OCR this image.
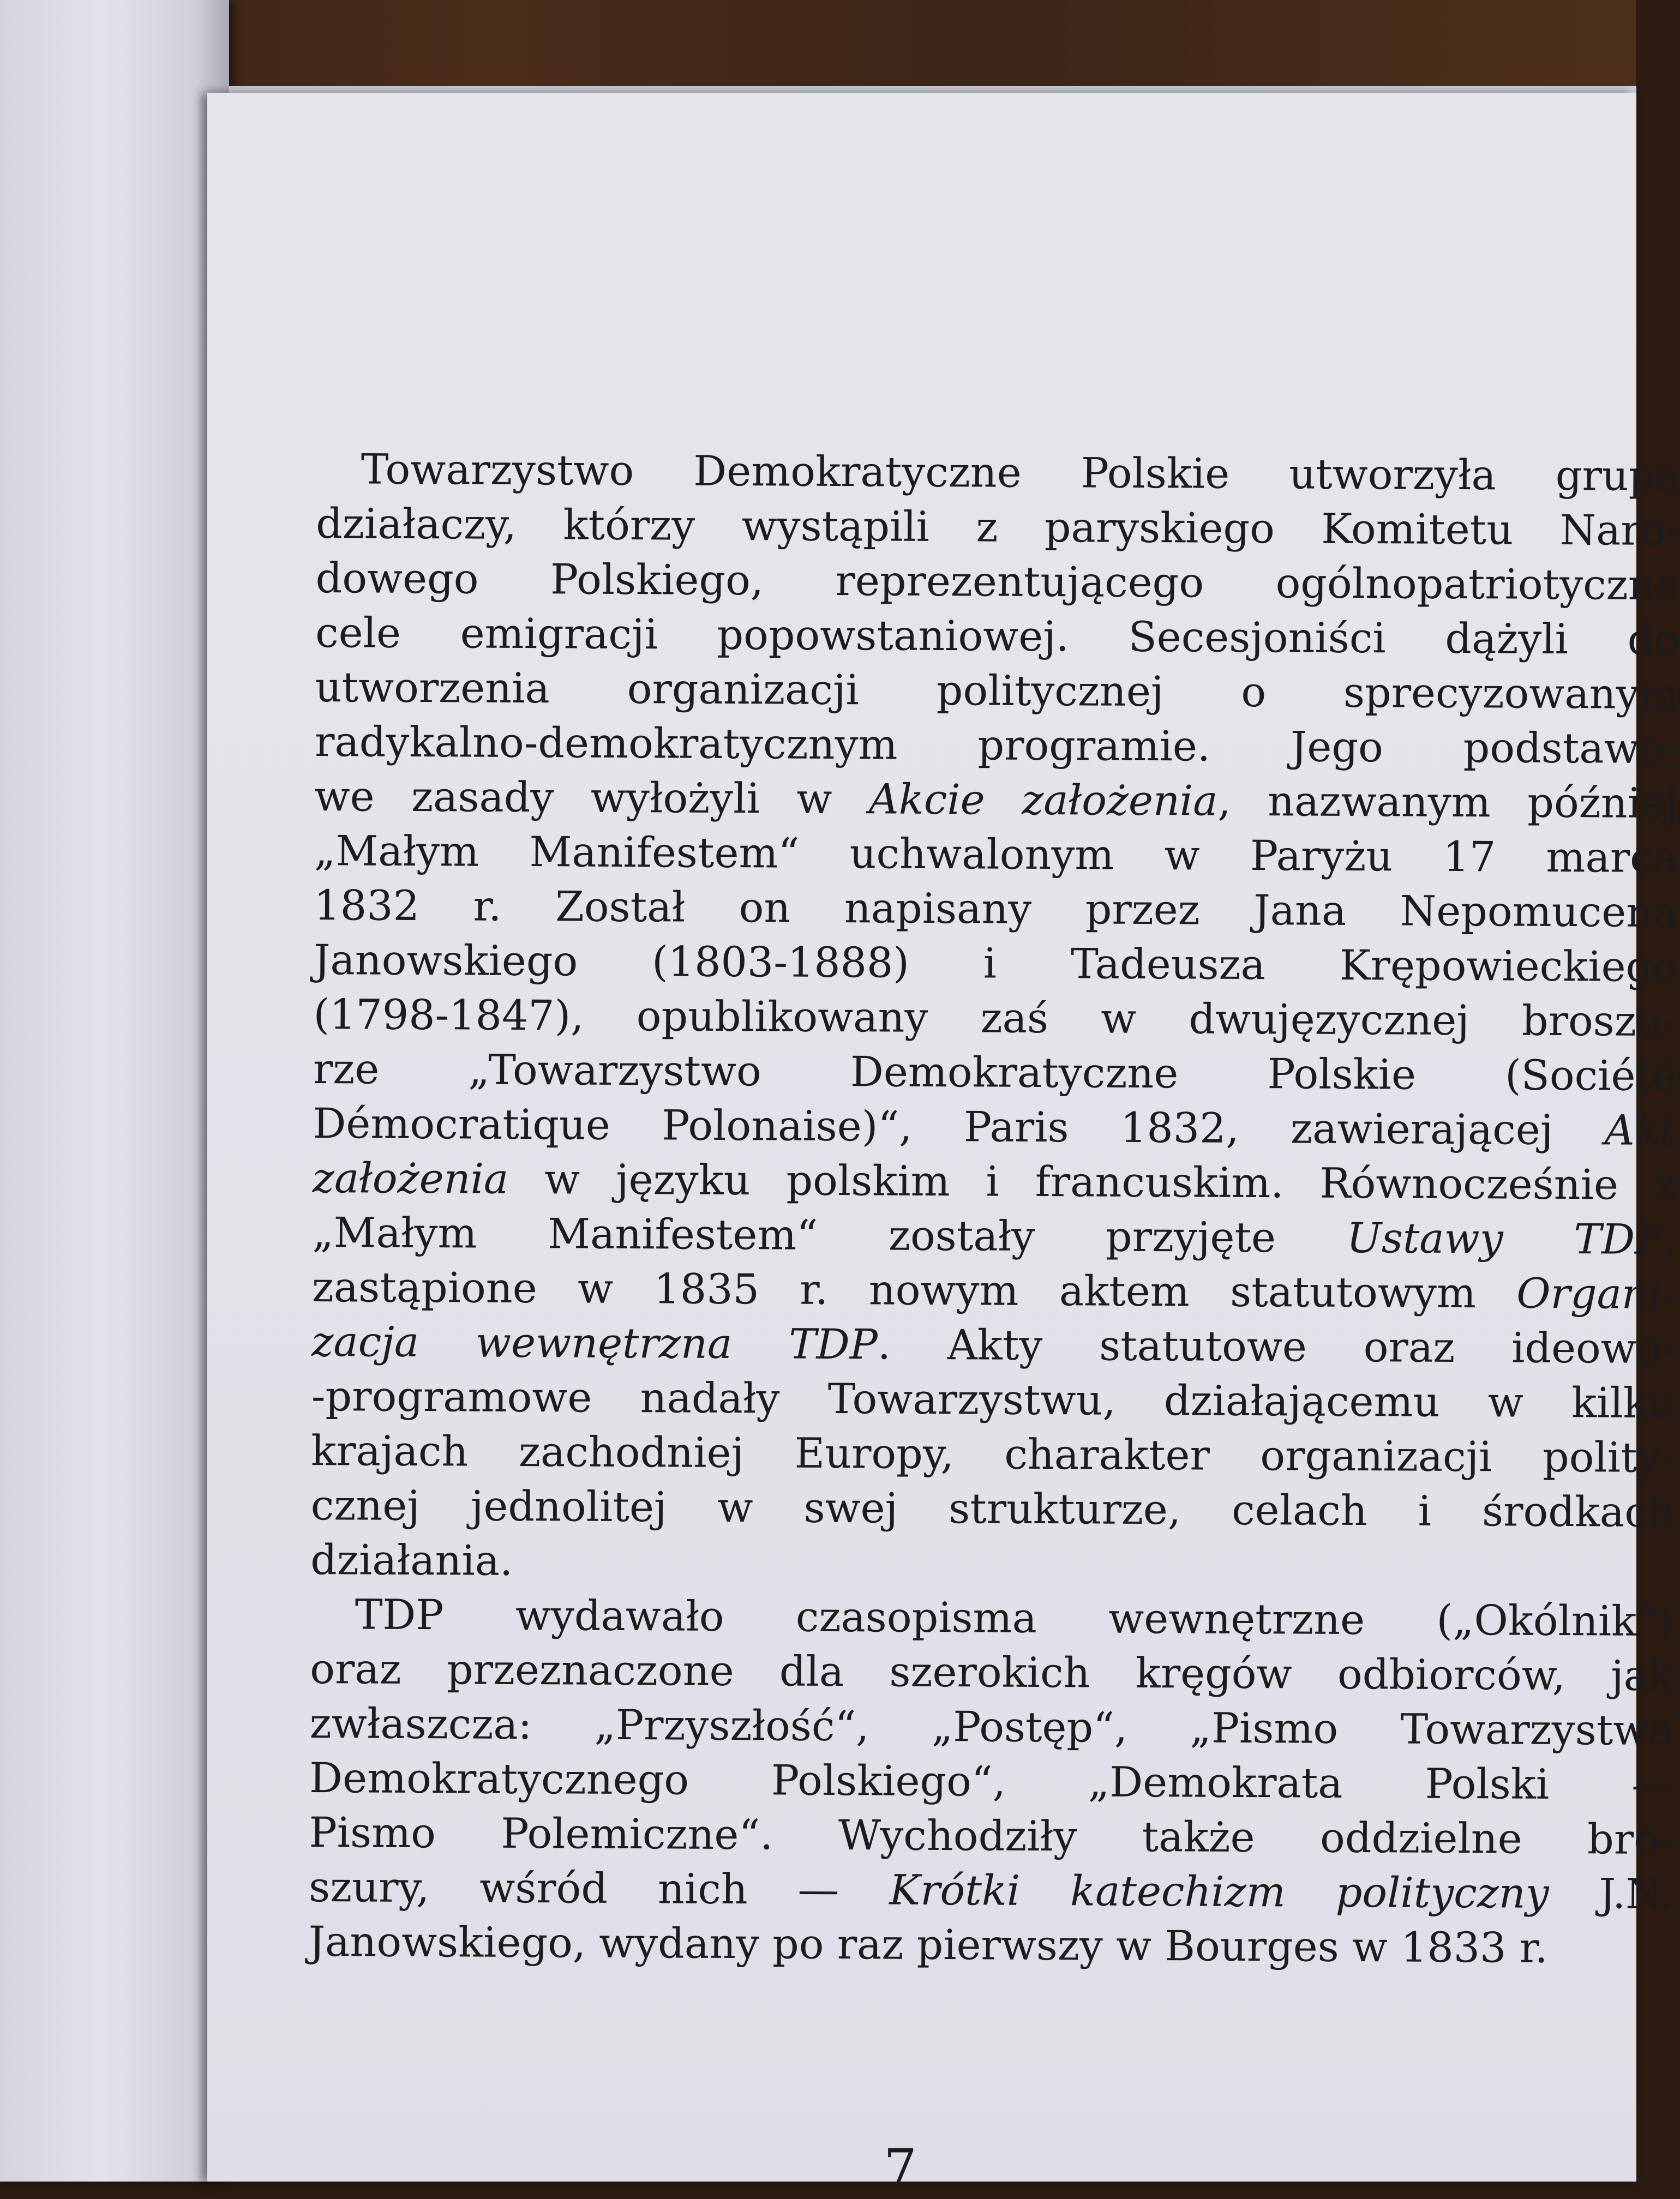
Towarzystwo Demokratyczne Polskie utworzyła grupa
działaczy, którzy wystąpili z paryskiego Komitetu Naro-
dowego Polskiego, reprezentującego ogólnopatriotyczne
cele emigracji popowstaniowej. Secesjoniści dążyli do
utworzenia organizacji politycznej o sprecyzowanym
radykalno-demokratycznym programie. Jego podstawo-
we zasady wyłożyli w Akcie założenia, nazwanym później
„Małym Manifestem“ uchwalonym w Paryżu 17 marca
1832 r. Został on napisany przez Jana Nepomucena
Janowskiego (1803-1888) i Tadeusza Krępowieckiego
(1798-1847), opublikowany zaś w dwujęzycznej broszu-
rze „Towarzystwo Demokratyczne Polskie (Société
Démocratique Polonaise)“, Paris 1832, zawierającej Akt
założenia w języku polskim i francuskim. Równocześnie z
„Małym Manifestem“ zostały przyjęte Ustawy TDP,
zastąpione w 1835 r. nowym aktem statutowym Organi-
zacja wewnętrzna TDP. Akty statutowe oraz ideowo-
-programowe nadały Towarzystwu, działającemu w kilku
krajach zachodniej Europy, charakter organizacji polity-
cznej jednolitej w swej strukturze, celach i środkach
działania.
TDP wydawało czasopisma wewnętrzne („Okólnik“)
oraz przeznaczone dla szerokich kręgów odbiorców, jak
zwłaszcza: „Przyszłość“, „Postęp“, „Pismo Towarzystwa
Demokratycznego Polskiego“, „Demokrata Polski —
Pismo Polemiczne“. Wychodziły także oddzielne bro-
szury, wśród nich — Krótki katechizm polityczny J.N.
Janowskiego, wydany po raz pierwszy w Bourges w 1833 r.
7
